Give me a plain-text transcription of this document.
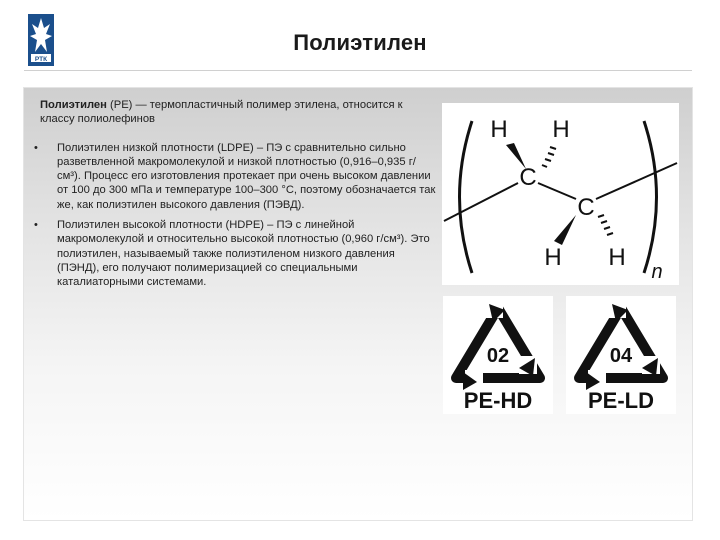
РТК
Полиэтилен

Полиэтилен (PE) — термопластичный полимер этилена, относится к классу полиолефинов

• Полиэтилен низкой плотности (LDPE) – ПЭ с сравнительно сильно разветвленной макромолекулой и низкой плотностью (0,916–0,935 г/см³). Процесс его изготовления протекает при очень высоком давлении от 100 до 300 мПа и температуре 100–300 °C, поэтому обозначается так же, как полиэтилен высокого давления (ПЭВД).
• Полиэтилен высокой плотности (HDPE) – ПЭ с линейной макромолекулой и относительно высокой плотностью (0,960 г/см³). Это полиэтилен, называемый также полиэтиленом низкого давления (ПЭНД), его получают полимеризацией со специальными каталиаторными системами.
H H
C
C
H H
n
02
PE-HD
04
PE-LD
